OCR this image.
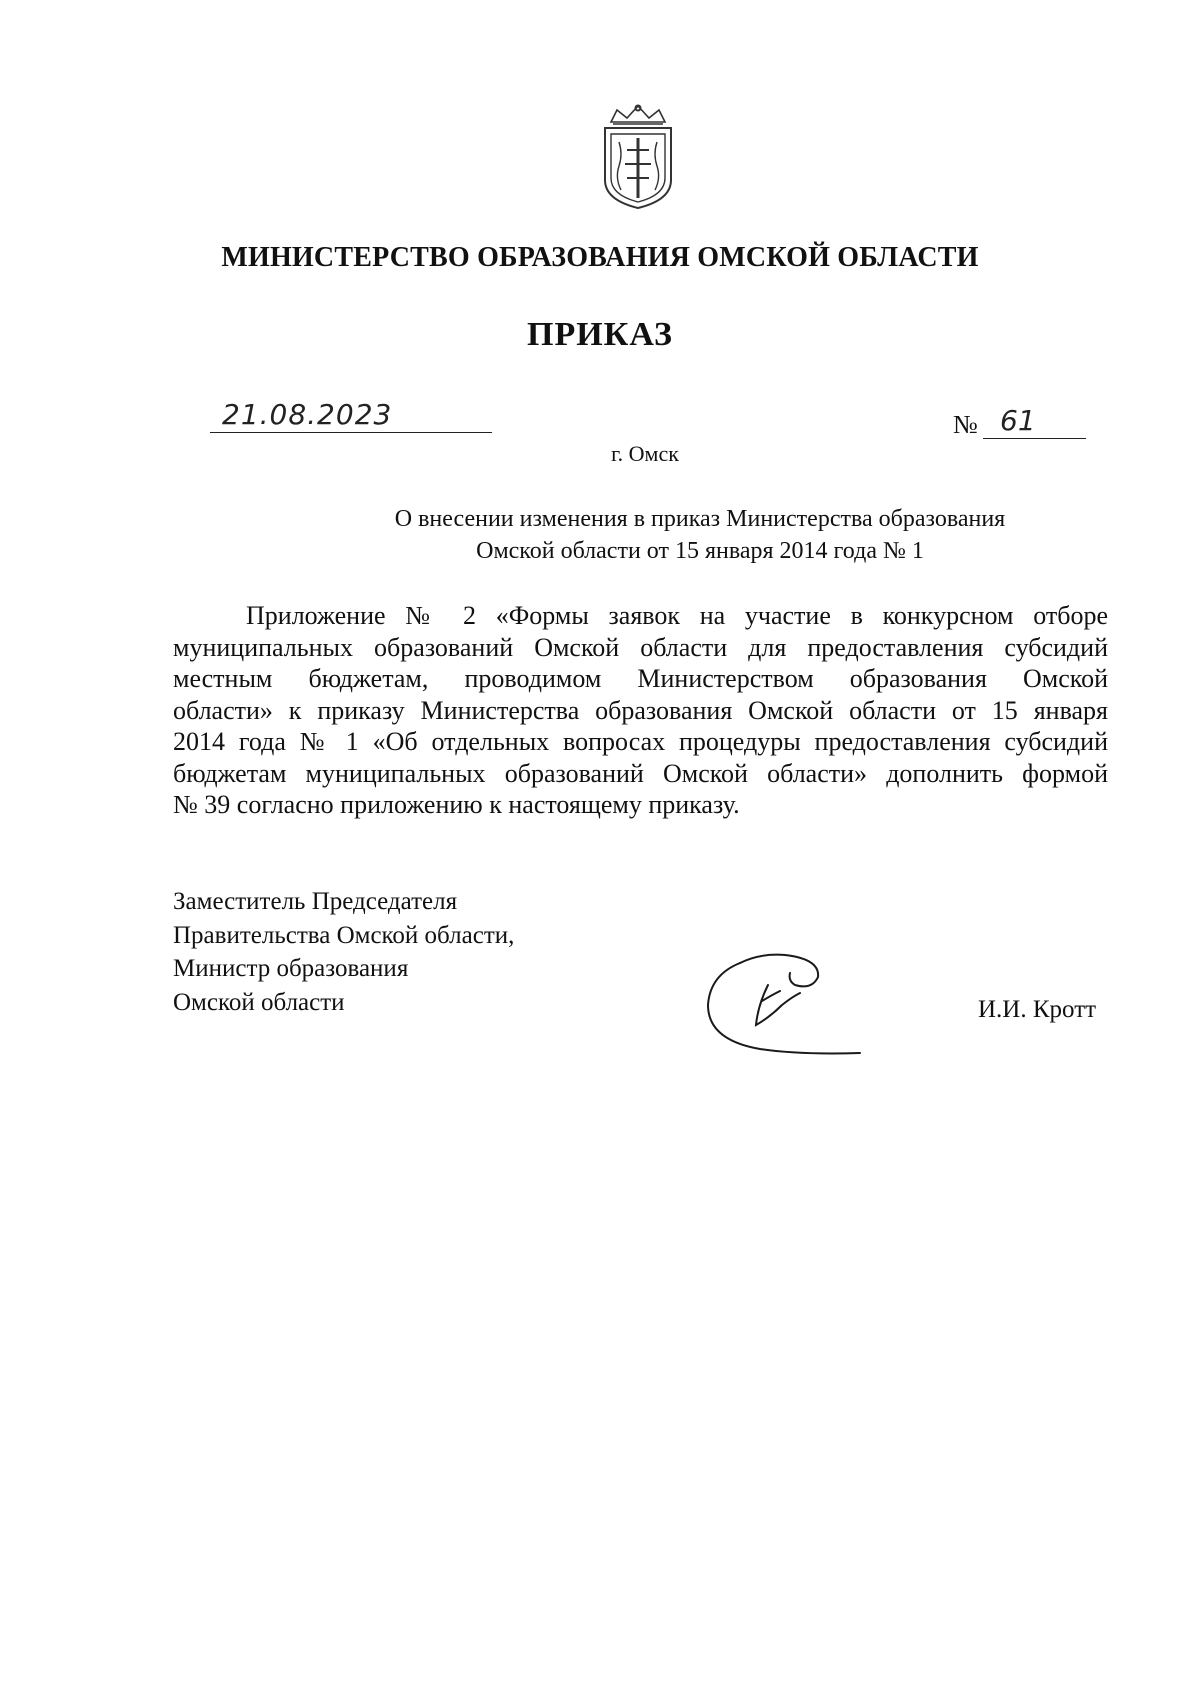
МИНИСТЕРСТВО ОБРАЗОВАНИЯ ОМСКОЙ ОБЛАСТИ
ПРИКАЗ
21.08.2023	№ 61
г. Омск
О внесении изменения в приказ Министерства образования
Омской области от 15 января 2014 года № 1
Приложение № 2 «Формы заявок на участие в конкурсном отборе
муниципальных образований Омской области для предоставления субсидий
местным бюджетам, проводимом Министерством образования Омской
области» к приказу Министерства образования Омской области от 15 января
2014 года № 1 «Об отдельных вопросах процедуры предоставления субсидий
бюджетам муниципальных образований Омской области» дополнить формой
№ 39 согласно приложению к настоящему приказу.
Заместитель Председателя
Правительства Омской области,
Министр образования
Омской области	И.И. Кротт
